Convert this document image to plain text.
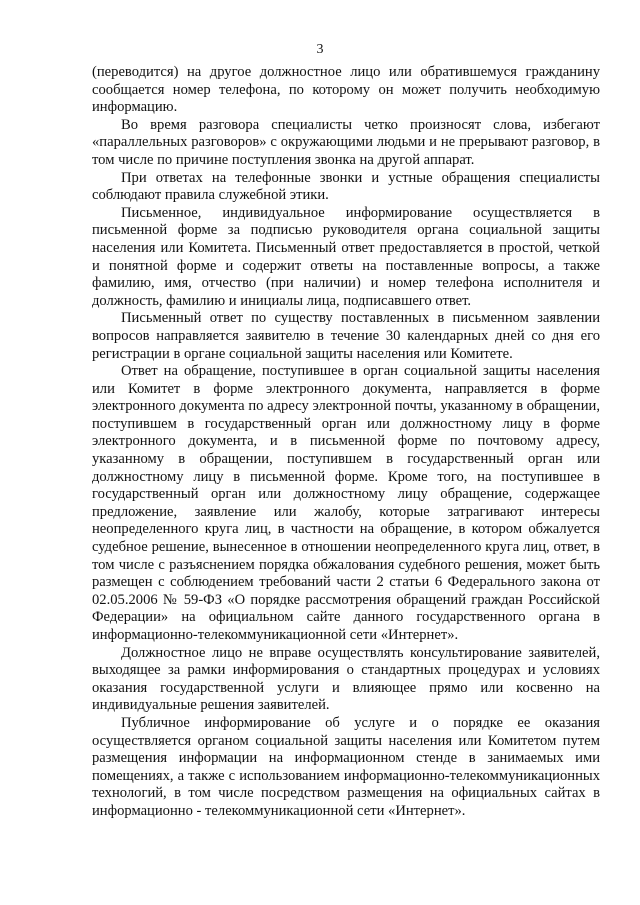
3

(переводится) на другое должностное лицо или обратившемуся гражданину сообщается номер телефона, по которому он может получить необходимую информацию.

Во время разговора специалисты четко произносят слова, избегают «параллельных разговоров» с окружающими людьми и не прерывают разговор, в том числе по причине поступления звонка на другой аппарат.

При ответах на телефонные звонки и устные обращения специалисты соблюдают правила служебной этики.

Письменное, индивидуальное информирование осуществляется в письменной форме за подписью руководителя органа социальной защиты населения или Комитета. Письменный ответ предоставляется в простой, четкой и понятной форме и содержит ответы на поставленные вопросы, а также фамилию, имя, отчество (при наличии) и номер телефона исполнителя и должность, фамилию и инициалы лица, подписавшего ответ.

Письменный ответ по существу поставленных в письменном заявлении вопросов направляется заявителю в течение 30 календарных дней со дня его регистрации в органе социальной защиты населения или Комитете.

Ответ на обращение, поступившее в орган социальной защиты населения или Комитет в форме электронного документа, направляется в форме электронного документа по адресу электронной почты, указанному в обращении, поступившем в государственный орган или должностному лицу в форме электронного документа, и в письменной форме по почтовому адресу, указанному в обращении, поступившем в государственный орган или должностному лицу в письменной форме. Кроме того, на поступившее в государственный орган или должностному лицу обращение, содержащее предложение, заявление или жалобу, которые затрагивают интересы неопределенного круга лиц, в частности на обращение, в котором обжалуется судебное решение, вынесенное в отношении неопределенного круга лиц, ответ, в том числе с разъяснением порядка обжалования судебного решения, может быть размещен с соблюдением требований части 2 статьи 6 Федерального закона от 02.05.2006 № 59-ФЗ «О порядке рассмотрения обращений граждан Российской Федерации» на официальном сайте данного государственного органа в информационно-телекоммуникационной сети «Интернет».

Должностное лицо не вправе осуществлять консультирование заявителей, выходящее за рамки информирования о стандартных процедурах и условиях оказания государственной услуги и влияющее прямо или косвенно на индивидуальные решения заявителей.

Публичное информирование об услуге и о порядке ее оказания осуществляется органом социальной защиты населения или Комитетом путем размещения информации на информационном стенде в занимаемых ими помещениях, а также с использованием информационно-телекоммуникационных технологий, в том числе посредством размещения на официальных сайтах в информационно - телекоммуникационной сети «Интернет».
